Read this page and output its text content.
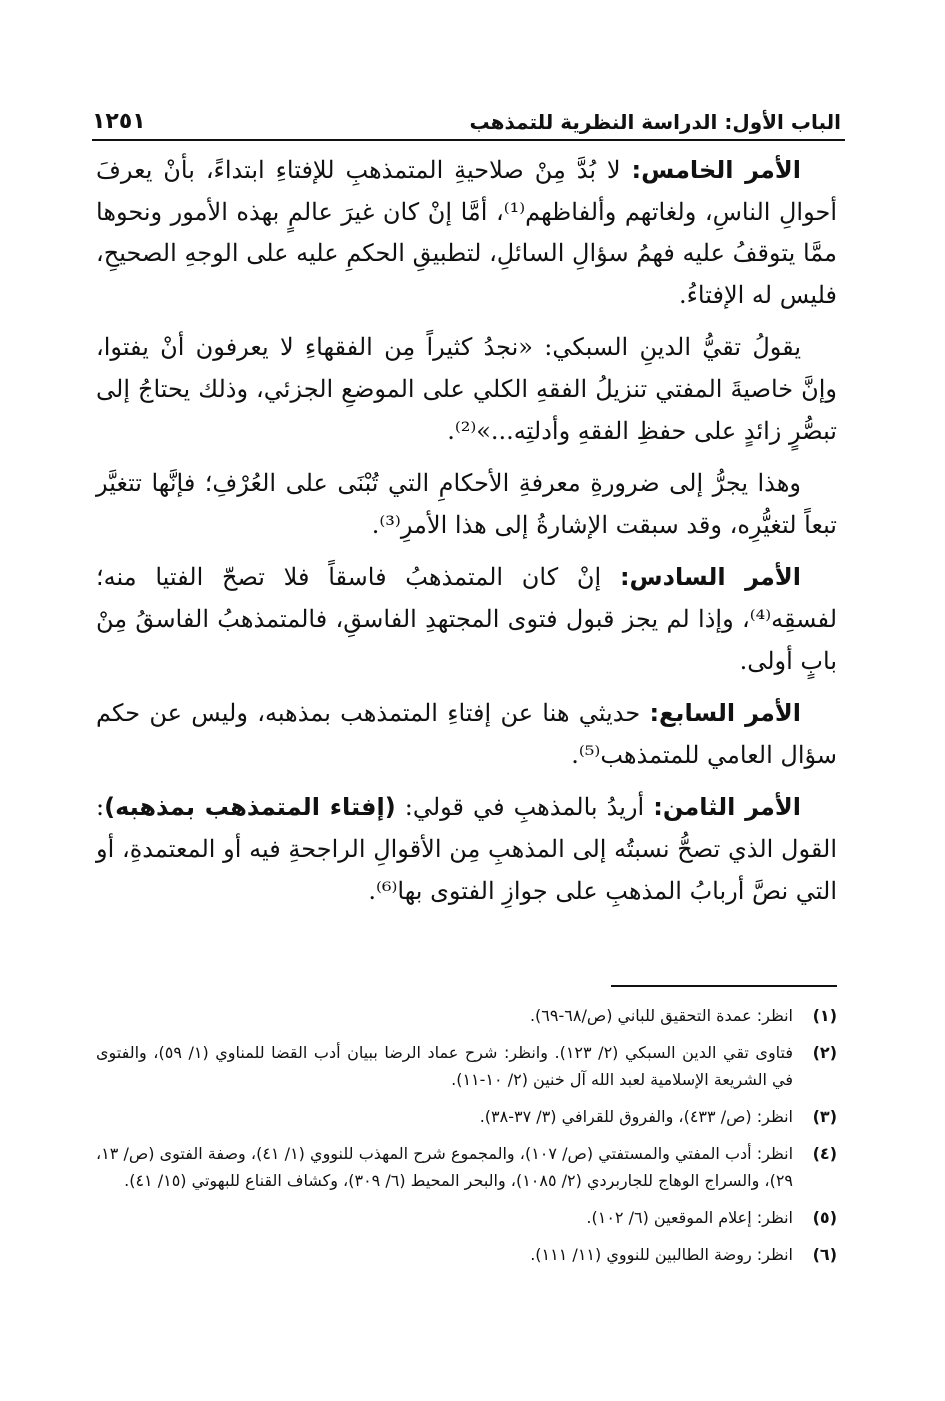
الباب الأول: الدراسة النظرية للتمذهب
١٢٥١

الأمر الخامس: لا بُدَّ مِنْ صلاحيةِ المتمذهبِ للإفتاءِ ابتداءً، بأنْ يعرفَ أحوالِ الناسِ، ولغاتهم وألفاظهم⁽¹⁾، أمَّا إنْ كان غيرَ عالمٍ بهذه الأمور ونحوها ممَّا يتوقفُ عليه فهمُ سؤالِ السائلِ، لتطبيقِ الحكمِ عليه على الوجهِ الصحيحِ، فليس له الإفتاءُ.

يقولُ تقيُّ الدينِ السبكي: «نجدُ كثيراً مِن الفقهاءِ لا يعرفون أنْ يفتوا، وإنَّ خاصيةَ المفتي تنزيلُ الفقهِ الكلي على الموضعِ الجزئي، وذلك يحتاجُ إلى تبصُّرٍ زائدٍ على حفظِ الفقهِ وأدلتِه...»⁽²⁾.

وهذا يجرُّ إلى ضرورةِ معرفةِ الأحكامِ التي تُبْنَى على العُرْفِ؛ فإنَّها تتغيَّر تبعاً لتغيُّرِه، وقد سبقت الإشارةُ إلى هذا الأمرِ⁽³⁾.

الأمر السادس: إنْ كان المتمذهبُ فاسقاً فلا تصحّ الفتيا منه؛ لفسقِه⁽⁴⁾، وإذا لم يجز قبول فتوى المجتهدِ الفاسقِ، فالمتمذهبُ الفاسقُ مِنْ بابٍ أولى.

الأمر السابع: حديثي هنا عن إفتاءِ المتمذهب بمذهبه، وليس عن حكم سؤال العامي للمتمذهب⁽⁵⁾.

الأمر الثامن: أريدُ بالمذهبِ في قولي: (إفتاء المتمذهب بمذهبه): القول الذي تصحُّ نسبتُه إلى المذهبِ مِن الأقوالِ الراجحةِ فيه أو المعتمدةِ، أو التي نصَّ أربابُ المذهبِ على جوازِ الفتوى بها⁽⁶⁾.

(١)
انظر: عمدة التحقيق للباني (ص/٦٨-٦٩).
(٢)
فتاوى تقي الدين السبكي (٢/ ١٢٣). وانظر: شرح عماد الرضا ببيان أدب القضا للمناوي (١/ ٥٩)، والفتوى في الشريعة الإسلامية لعبد الله آل خنين (٢/ ١٠-١١).
(٣)
انظر: (ص/ ٤٣٣)، والفروق للقرافي (٣/ ٣٧-٣٨).
(٤)
انظر: أدب المفتي والمستفتي (ص/ ١٠٧)، والمجموع شرح المهذب للنووي (١/ ٤١)، وصفة الفتوى (ص/ ١٣، ٢٩)، والسراج الوهاج للجاربردي (٢/ ١٠٨٥)، والبحر المحيط (٦/ ٣٠٩)، وكشاف القناع للبهوتي (١٥/ ٤١).
(٥)
انظر: إعلام الموقعين (٦/ ١٠٢).
(٦)
انظر: روضة الطالبين للنووي (١١/ ١١١).
